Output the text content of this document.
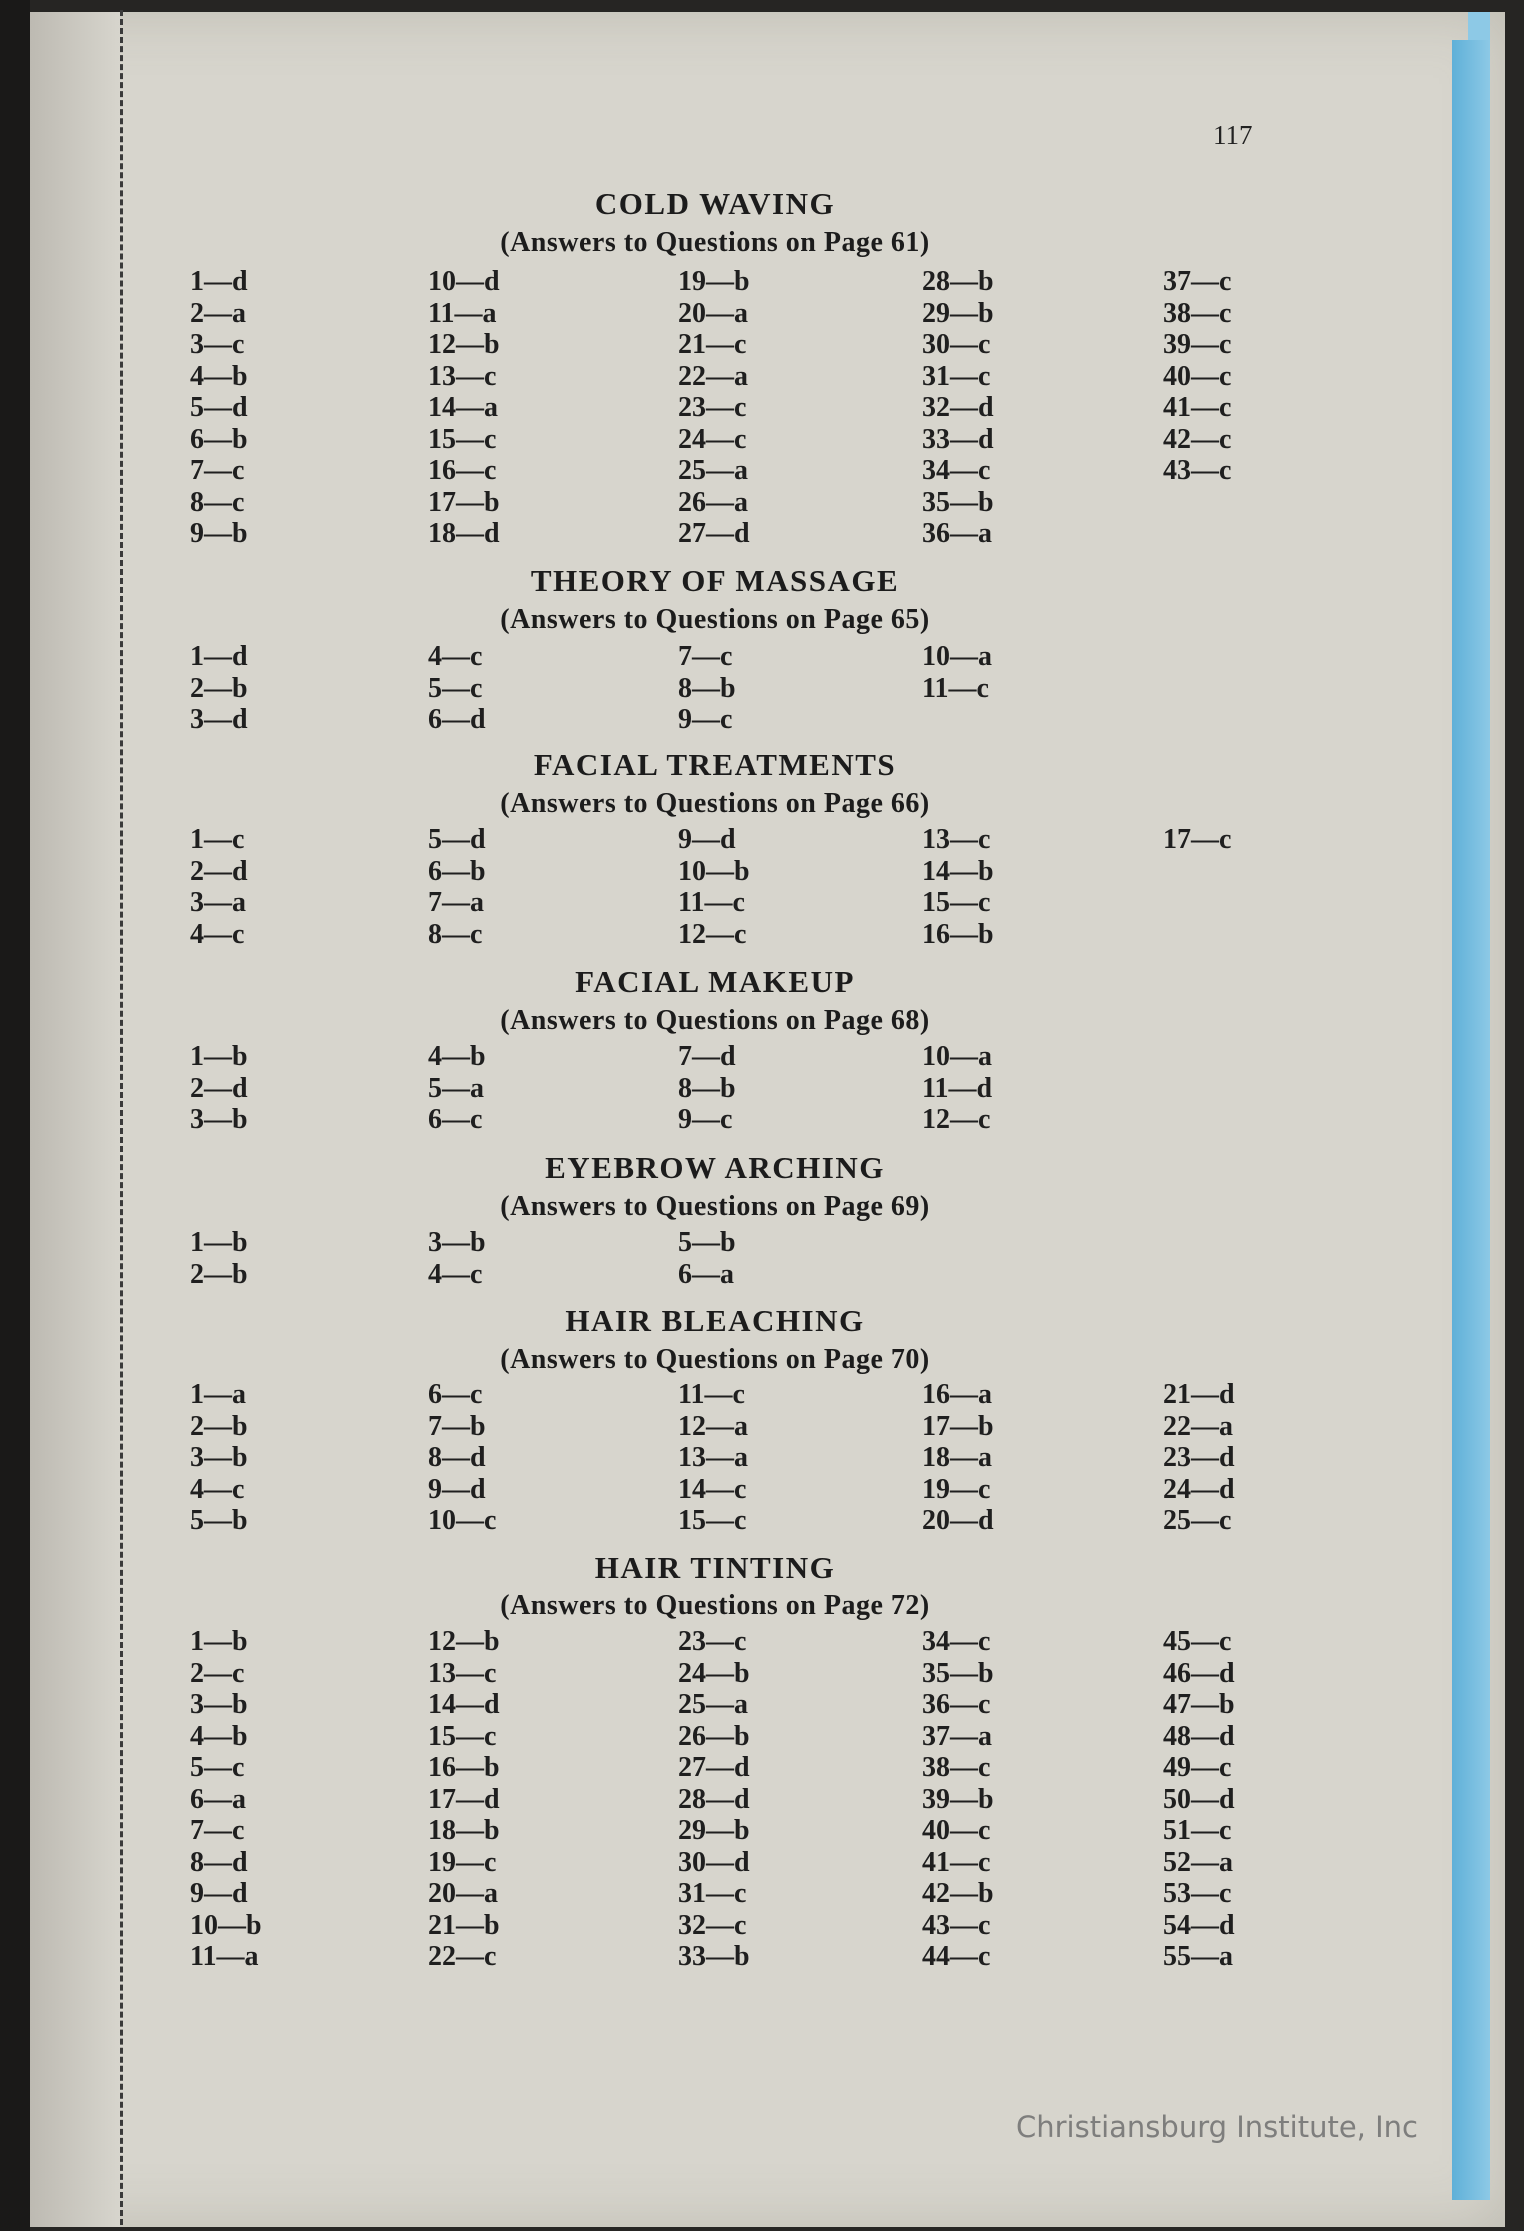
117
COLD WAVING
(Answers to Questions on Page 61)
1—d
2—a
3—c
4—b
5—d
6—b
7—c
8—c
9—b
10—d
11—a
12—b
13—c
14—a
15—c
16—c
17—b
18—d
19—b
20—a
21—c
22—a
23—c
24—c
25—a
26—a
27—d
28—b
29—b
30—c
31—c
32—d
33—d
34—c
35—b
36—a
37—c
38—c
39—c
40—c
41—c
42—c
43—c
THEORY OF MASSAGE
(Answers to Questions on Page 65)
1—d
2—b
3—d
4—c
5—c
6—d
7—c
8—b
9—c
10—a
11—c
FACIAL TREATMENTS
(Answers to Questions on Page 66)
1—c
2—d
3—a
4—c
5—d
6—b
7—a
8—c
9—d
10—b
11—c
12—c
13—c
14—b
15—c
16—b
17—c
FACIAL MAKEUP
(Answers to Questions on Page 68)
1—b
2—d
3—b
4—b
5—a
6—c
7—d
8—b
9—c
10—a
11—d
12—c
EYEBROW ARCHING
(Answers to Questions on Page 69)
1—b
2—b
3—b
4—c
5—b
6—a
HAIR BLEACHING
(Answers to Questions on Page 70)
1—a
2—b
3—b
4—c
5—b
6—c
7—b
8—d
9—d
10—c
11—c
12—a
13—a
14—c
15—c
16—a
17—b
18—a
19—c
20—d
21—d
22—a
23—d
24—d
25—c
HAIR TINTING
(Answers to Questions on Page 72)
1—b
2—c
3—b
4—b
5—c
6—a
7—c
8—d
9—d
10—b
11—a
12—b
13—c
14—d
15—c
16—b
17—d
18—b
19—c
20—a
21—b
22—c
23—c
24—b
25—a
26—b
27—d
28—d
29—b
30—d
31—c
32—c
33—b
34—c
35—b
36—c
37—a
38—c
39—b
40—c
41—c
42—b
43—c
44—c
45—c
46—d
47—b
48—d
49—c
50—d
51—c
52—a
53—c
54—d
55—a
Christiansburg Institute, Inc
